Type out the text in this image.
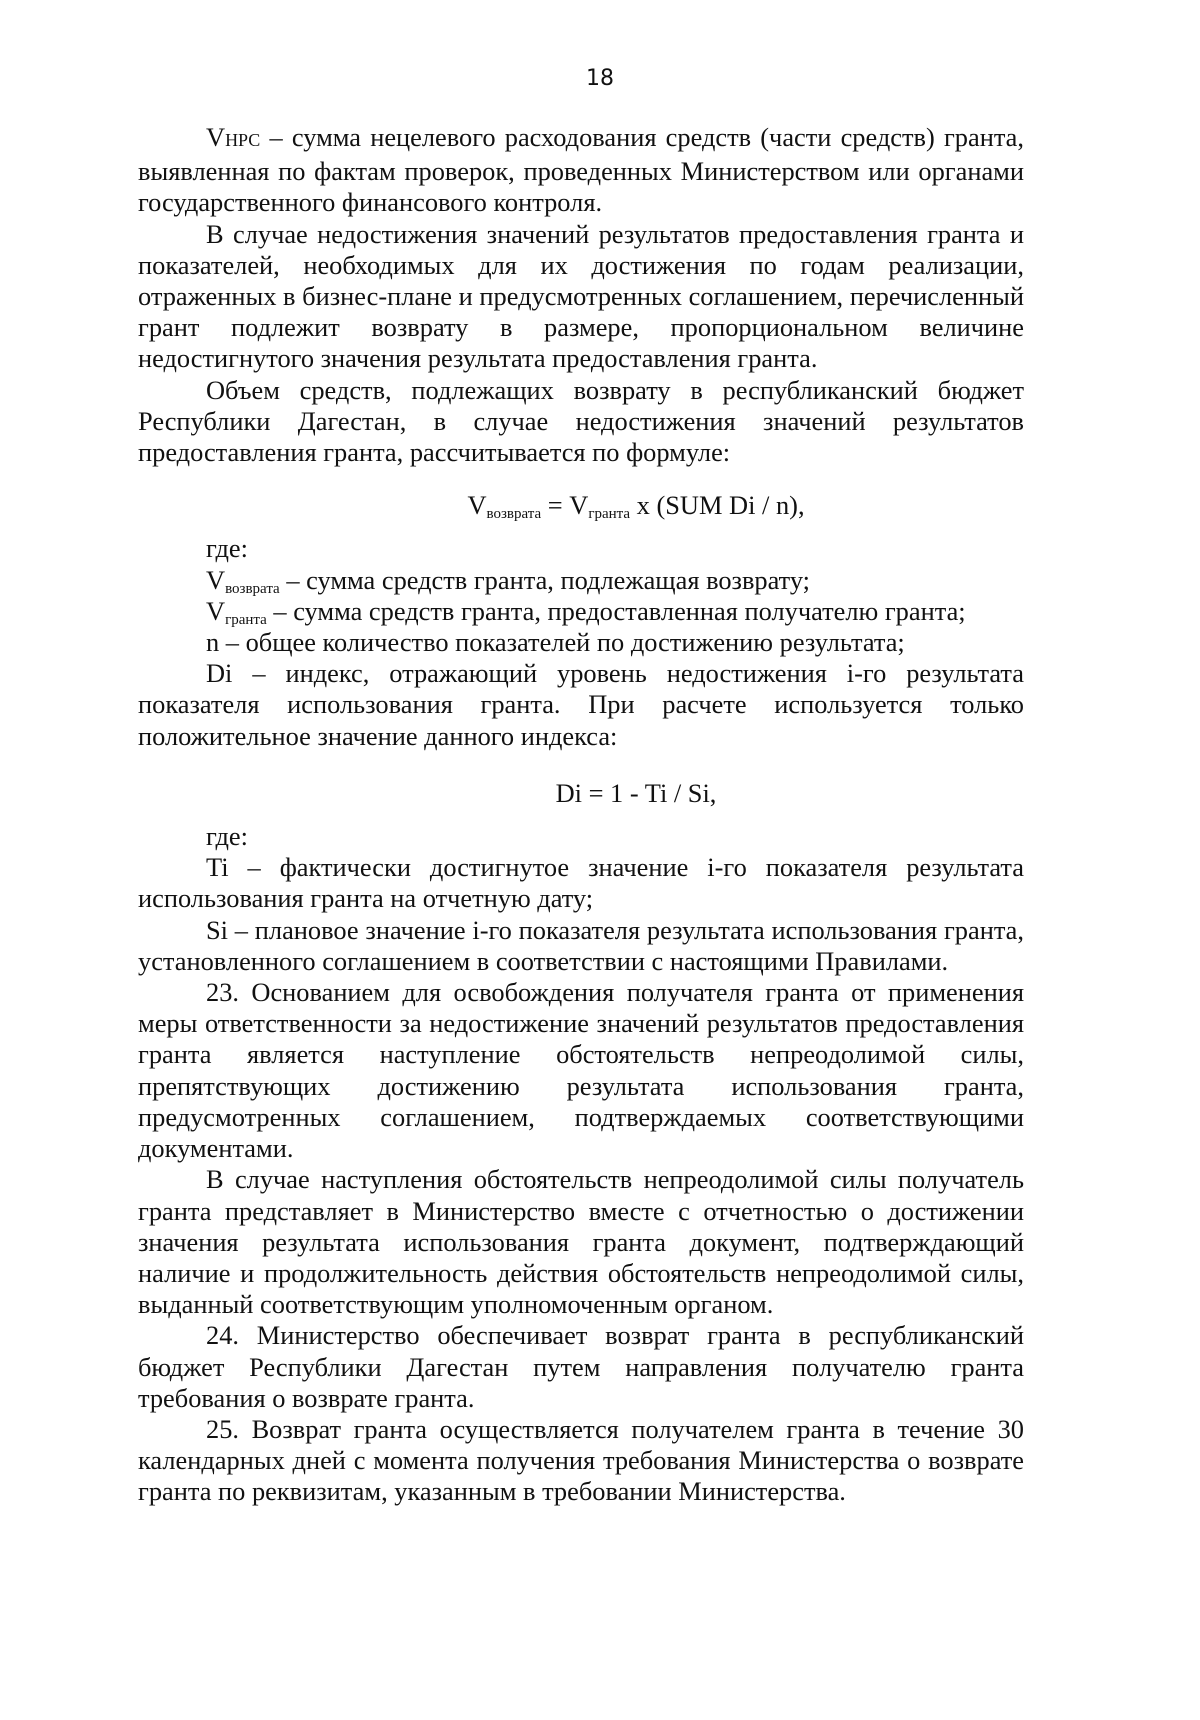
18

VНРС – сумма нецелевого расходования средств (части средств) гранта, выявленная по фактам проверок, проведенных Министерством или органами государственного финансового контроля.

В случае недостижения значений результатов предоставления гранта и показателей, необходимых для их достижения по годам реализации, отраженных в бизнес-плане и предусмотренных соглашением, перечисленный грант подлежит возврату в размере, пропорциональном величине недостигнутого значения результата предоставления гранта.

Объем средств, подлежащих возврату в республиканский бюджет Республики Дагестан, в случае недостижения значений результатов предоставления гранта, рассчитывается по формуле:

$V_{возврата} = V_{гранта}$ x (SUM Di / n),

где:

$V_{возврата}$ – сумма средств гранта, подлежащая возврату;

$V_{гранта}$ – сумма средств гранта, предоставленная получателю гранта;

n – общее количество показателей по достижению результата;

Di – индекс, отражающий уровень недостижения i-го результата показателя использования гранта. При расчете используется только положительное значение данного индекса:

Di = 1 - Ti / Si,

где:

Ti – фактически достигнутое значение i-го показателя результата использования гранта на отчетную дату;

Si – плановое значение i-го показателя результата использования гранта, установленного соглашением в соответствии с настоящими Правилами.

23. Основанием для освобождения получателя гранта от применения меры ответственности за недостижение значений результатов предоставления гранта является наступление обстоятельств непреодолимой силы, препятствующих достижению результата использования гранта, предусмотренных соглашением, подтверждаемых соответствующими документами.

В случае наступления обстоятельств непреодолимой силы получатель гранта представляет в Министерство вместе с отчетностью о достижении значения результата использования гранта документ, подтверждающий наличие и продолжительность действия обстоятельств непреодолимой силы, выданный соответствующим уполномоченным органом.

24. Министерство обеспечивает возврат гранта в республиканский бюджет Республики Дагестан путем направления получателю гранта требования о возврате гранта.

25. Возврат гранта осуществляется получателем гранта в течение 30 календарных дней с момента получения требования Министерства о возврате гранта по реквизитам, указанным в требовании Министерства.
